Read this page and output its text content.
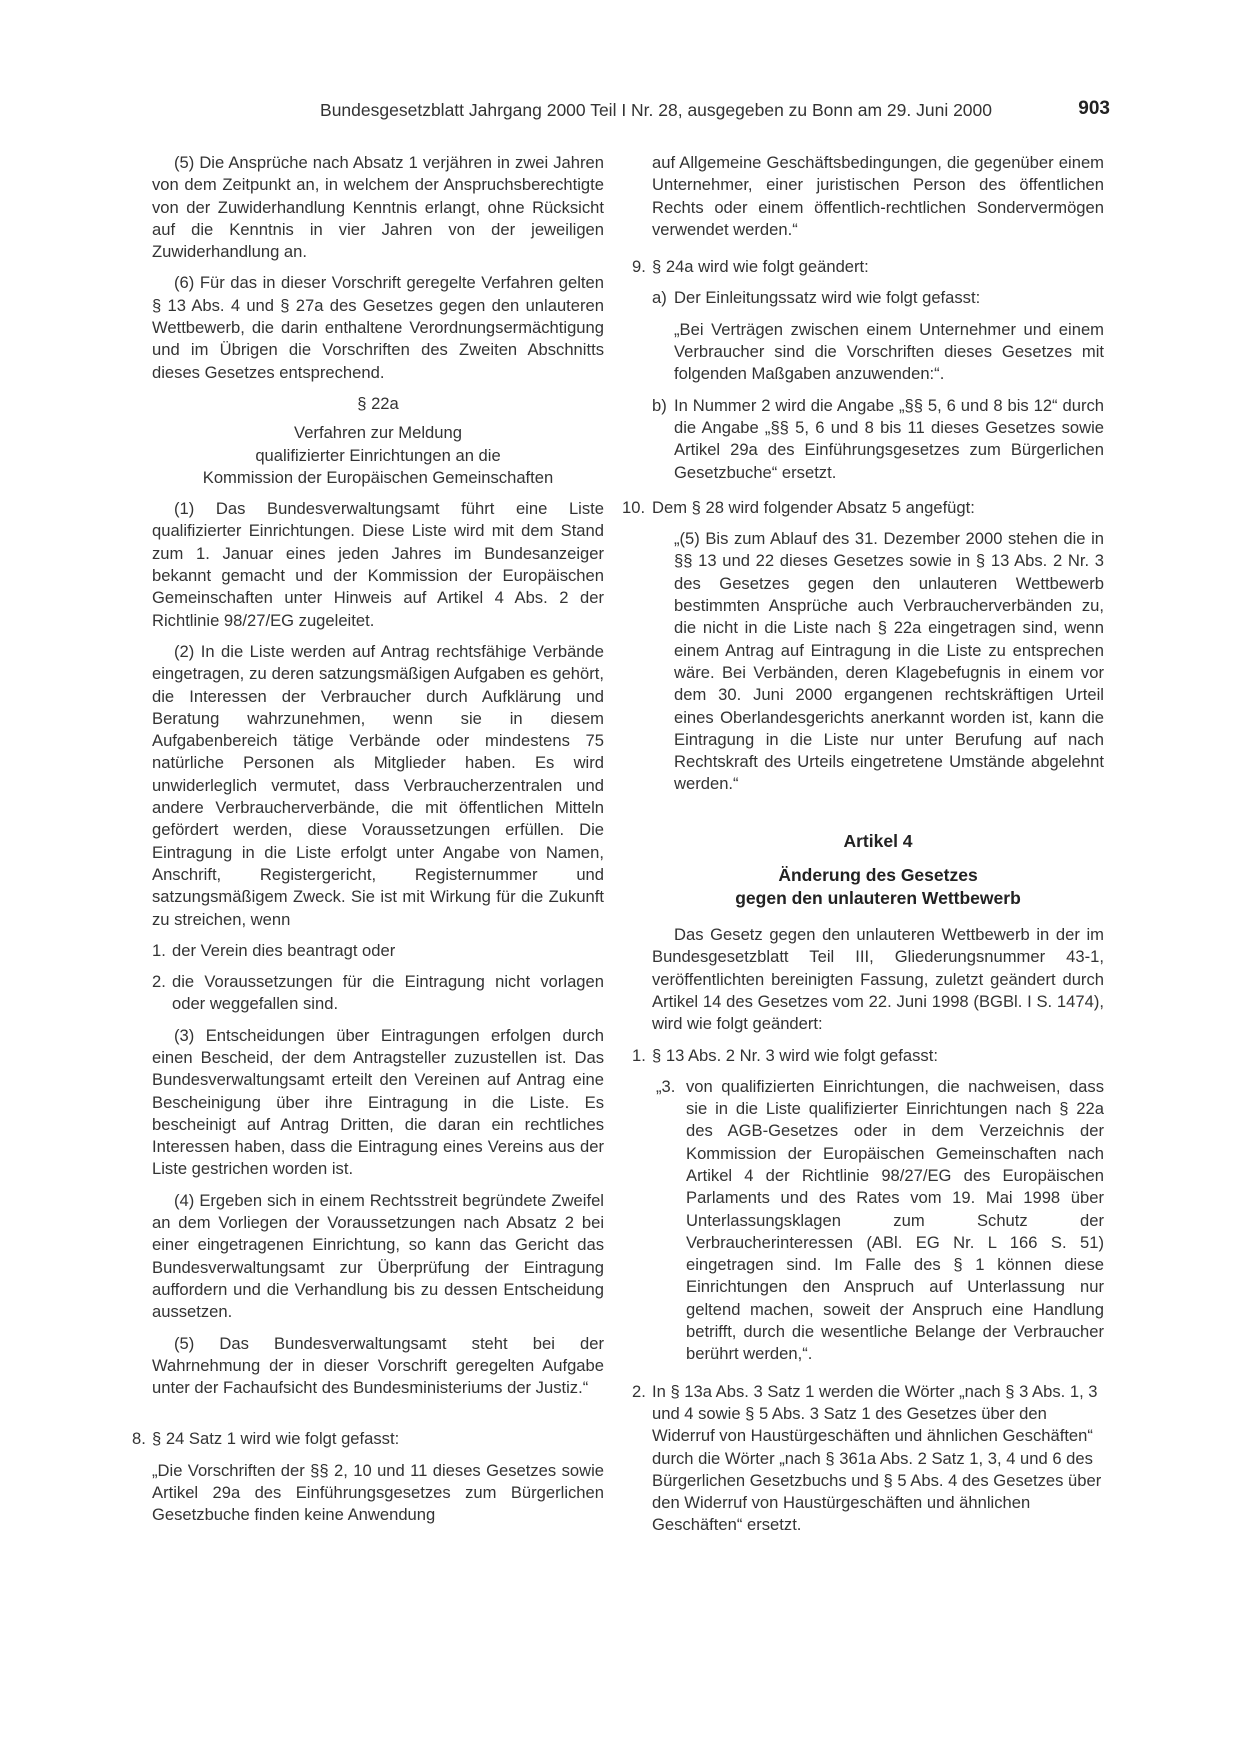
Bundesgesetzblatt Jahrgang 2000 Teil I Nr. 28, ausgegeben zu Bonn am 29. Juni 2000	903

(5) Die Ansprüche nach Absatz 1 verjähren in zwei Jahren von dem Zeitpunkt an, in welchem der Anspruchsberechtigte von der Zuwiderhandlung Kenntnis erlangt, ohne Rücksicht auf die Kenntnis in vier Jahren von der jeweiligen Zuwiderhandlung an.

(6) Für das in dieser Vorschrift geregelte Verfahren gelten § 13 Abs. 4 und § 27a des Gesetzes gegen den unlauteren Wettbewerb, die darin enthaltene Verordnungsermächtigung und im Übrigen die Vorschriften des Zweiten Abschnitts dieses Gesetzes entsprechend.

§ 22a
Verfahren zur Meldung
qualifizierter Einrichtungen an die
Kommission der Europäischen Gemeinschaften

(1) Das Bundesverwaltungsamt führt eine Liste qualifizierter Einrichtungen. Diese Liste wird mit dem Stand zum 1. Januar eines jeden Jahres im Bundesanzeiger bekannt gemacht und der Kommission der Europäischen Gemeinschaften unter Hinweis auf Artikel 4 Abs. 2 der Richtlinie 98/27/EG zugeleitet.

(2) In die Liste werden auf Antrag rechtsfähige Verbände eingetragen, zu deren satzungsmäßigen Aufgaben es gehört, die Interessen der Verbraucher durch Aufklärung und Beratung wahrzunehmen, wenn sie in diesem Aufgabenbereich tätige Verbände oder mindestens 75 natürliche Personen als Mitglieder haben. Es wird unwiderleglich vermutet, dass Verbraucherzentralen und andere Verbraucherverbände, die mit öffentlichen Mitteln gefördert werden, diese Voraussetzungen erfüllen. Die Eintragung in die Liste erfolgt unter Angabe von Namen, Anschrift, Registergericht, Registernummer und satzungsmäßigem Zweck. Sie ist mit Wirkung für die Zukunft zu streichen, wenn

1. der Verein dies beantragt oder
2. die Voraussetzungen für die Eintragung nicht vorlagen oder weggefallen sind.

(3) Entscheidungen über Eintragungen erfolgen durch einen Bescheid, der dem Antragsteller zuzustellen ist. Das Bundesverwaltungsamt erteilt den Vereinen auf Antrag eine Bescheinigung über ihre Eintragung in die Liste. Es bescheinigt auf Antrag Dritten, die daran ein rechtliches Interessen haben, dass die Eintragung eines Vereins aus der Liste gestrichen worden ist.

(4) Ergeben sich in einem Rechtsstreit begründete Zweifel an dem Vorliegen der Voraussetzungen nach Absatz 2 bei einer eingetragenen Einrichtung, so kann das Gericht das Bundesverwaltungsamt zur Überprüfung der Eintragung auffordern und die Verhandlung bis zu dessen Entscheidung aussetzen.

(5) Das Bundesverwaltungsamt steht bei der Wahrnehmung der in dieser Vorschrift geregelten Aufgabe unter der Fachaufsicht des Bundesministeriums der Justiz.“

8. § 24 Satz 1 wird wie folgt gefasst:

„Die Vorschriften der §§ 2, 10 und 11 dieses Gesetzes sowie Artikel 29a des Einführungsgesetzes zum Bürgerlichen Gesetzbuche finden keine Anwendung

auf Allgemeine Geschäftsbedingungen, die gegenüber einem Unternehmer, einer juristischen Person des öffentlichen Rechts oder einem öffentlich-rechtlichen Sondervermögen verwendet werden.“

9. § 24a wird wie folgt geändert:
a) Der Einleitungssatz wird wie folgt gefasst:
„Bei Verträgen zwischen einem Unternehmer und einem Verbraucher sind die Vorschriften dieses Gesetzes mit folgenden Maßgaben anzuwenden:“.
b) In Nummer 2 wird die Angabe „§§ 5, 6 und 8 bis 12“ durch die Angabe „§§ 5, 6 und 8 bis 11 dieses Gesetzes sowie Artikel 29a des Einführungsgesetzes zum Bürgerlichen Gesetzbuche“ ersetzt.
10. Dem § 28 wird folgender Absatz 5 angefügt:
„(5) Bis zum Ablauf des 31. Dezember 2000 stehen die in §§ 13 und 22 dieses Gesetzes sowie in § 13 Abs. 2 Nr. 3 des Gesetzes gegen den unlauteren Wettbewerb bestimmten Ansprüche auch Verbraucherverbänden zu, die nicht in die Liste nach § 22a eingetragen sind, wenn einem Antrag auf Eintragung in die Liste zu entsprechen wäre. Bei Verbänden, deren Klagebefugnis in einem vor dem 30. Juni 2000 ergangenen rechtskräftigen Urteil eines Oberlandesgerichts anerkannt worden ist, kann die Eintragung in die Liste nur unter Berufung auf nach Rechtskraft des Urteils eingetretene Umstände abgelehnt werden.“
Artikel 4
Änderung des Gesetzes
gegen den unlauteren Wettbewerb

Das Gesetz gegen den unlauteren Wettbewerb in der im Bundesgesetzblatt Teil III, Gliederungsnummer 43-1, veröffentlichten bereinigten Fassung, zuletzt geändert durch Artikel 14 des Gesetzes vom 22. Juni 1998 (BGBl. I S. 1474), wird wie folgt geändert:

1. § 13 Abs. 2 Nr. 3 wird wie folgt gefasst:
„3. von qualifizierten Einrichtungen, die nachweisen, dass sie in die Liste qualifizierter Einrichtungen nach § 22a des AGB-Gesetzes oder in dem Verzeichnis der Kommission der Europäischen Gemeinschaften nach Artikel 4 der Richtlinie 98/27/EG des Europäischen Parlaments und des Rates vom 19. Mai 1998 über Unterlassungsklagen zum Schutz der Verbraucherinteressen (ABl. EG Nr. L 166 S. 51) eingetragen sind. Im Falle des § 1 können diese Einrichtungen den Anspruch auf Unterlassung nur geltend machen, soweit der Anspruch eine Handlung betrifft, durch die wesentliche Belange der Verbraucher berührt werden,“.
2. In § 13a Abs. 3 Satz 1 werden die Wörter „nach § 3 Abs. 1, 3 und 4 sowie § 5 Abs. 3 Satz 1 des Gesetzes über den Widerruf von Haustürgeschäften und ähnlichen Geschäften“ durch die Wörter „nach § 361a Abs. 2 Satz 1, 3, 4 und 6 des Bürgerlichen Gesetzbuchs und § 5 Abs. 4 des Gesetzes über den Widerruf von Haustürgeschäften und ähnlichen Geschäften“ ersetzt.
